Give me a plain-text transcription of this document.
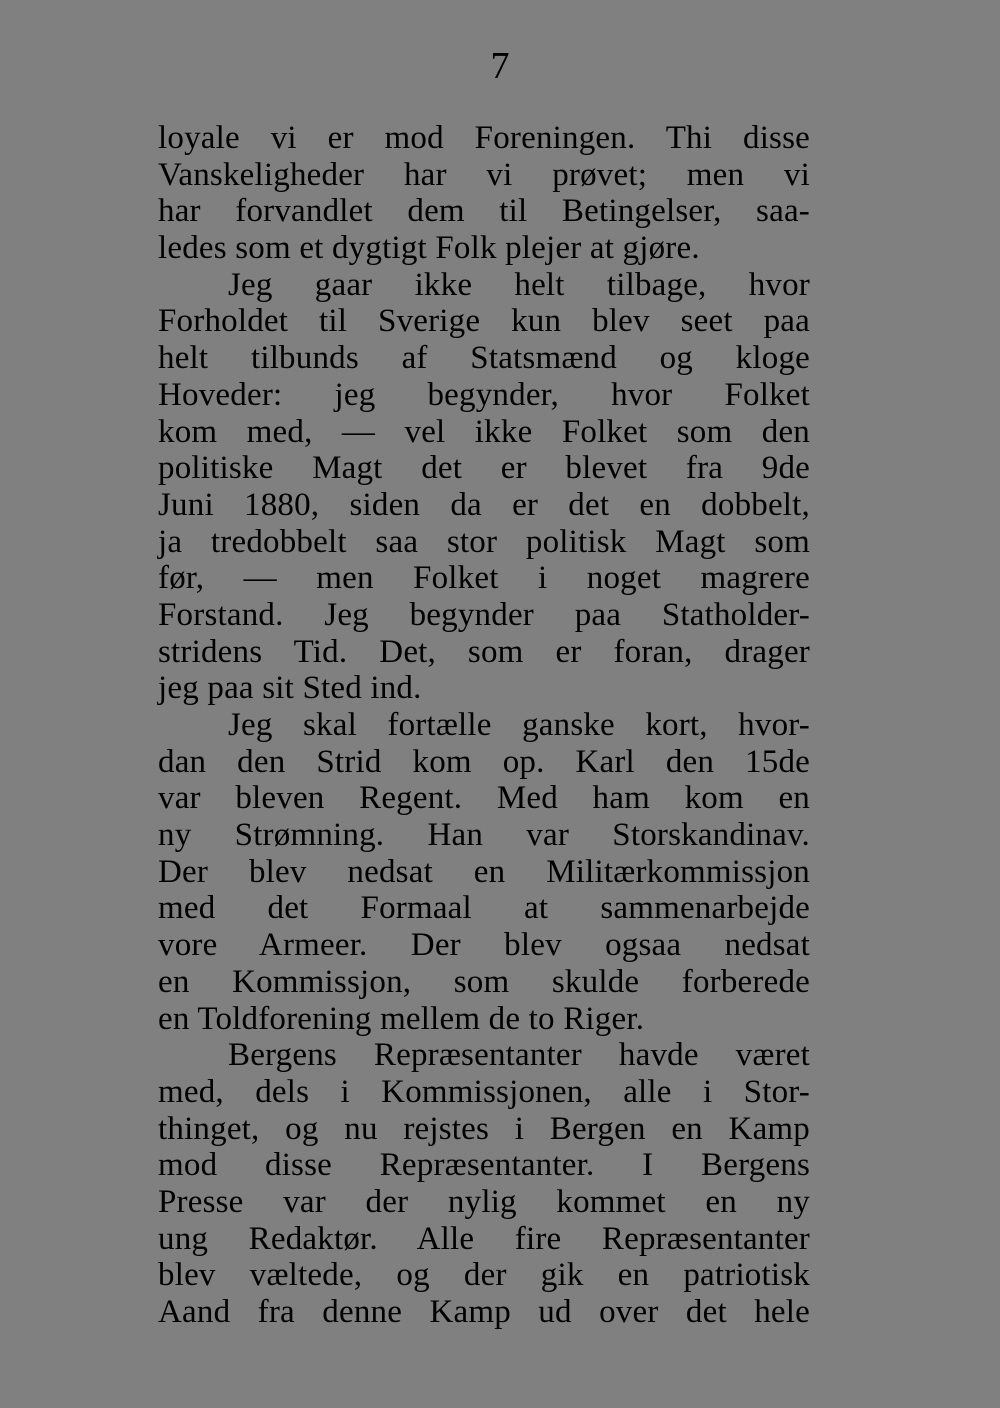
7
loyale vi er mod Foreningen. Thi disse
Vanskeligheder har vi prøvet; men vi
har forvandlet dem til Betingelser, saa-
ledes som et dygtigt Folk plejer at gjøre.
Jeg gaar ikke helt tilbage, hvor
Forholdet til Sverige kun blev seet paa
helt tilbunds af Statsmænd og kloge
Hoveder: jeg begynder, hvor Folket
kom med, — vel ikke Folket som den
politiske Magt det er blevet fra 9de
Juni 1880, siden da er det en dobbelt,
ja tredobbelt saa stor politisk Magt som
før, — men Folket i noget magrere
Forstand. Jeg begynder paa Statholder-
stridens Tid. Det, som er foran, drager
jeg paa sit Sted ind.
Jeg skal fortælle ganske kort, hvor-
dan den Strid kom op. Karl den 15de
var bleven Regent. Med ham kom en
ny Strømning. Han var Storskandinav.
Der blev nedsat en Militærkommissjon
med det Formaal at sammenarbejde
vore Armeer. Der blev ogsaa nedsat
en Kommissjon, som skulde forberede
en Toldforening mellem de to Riger.
Bergens Repræsentanter havde været
med, dels i Kommissjonen, alle i Stor-
thinget, og nu rejstes i Bergen en Kamp
mod disse Repræsentanter. I Bergens
Presse var der nylig kommet en ny
ung Redaktør. Alle fire Repræsentanter
blev væltede, og der gik en patriotisk
Aand fra denne Kamp ud over det hele
